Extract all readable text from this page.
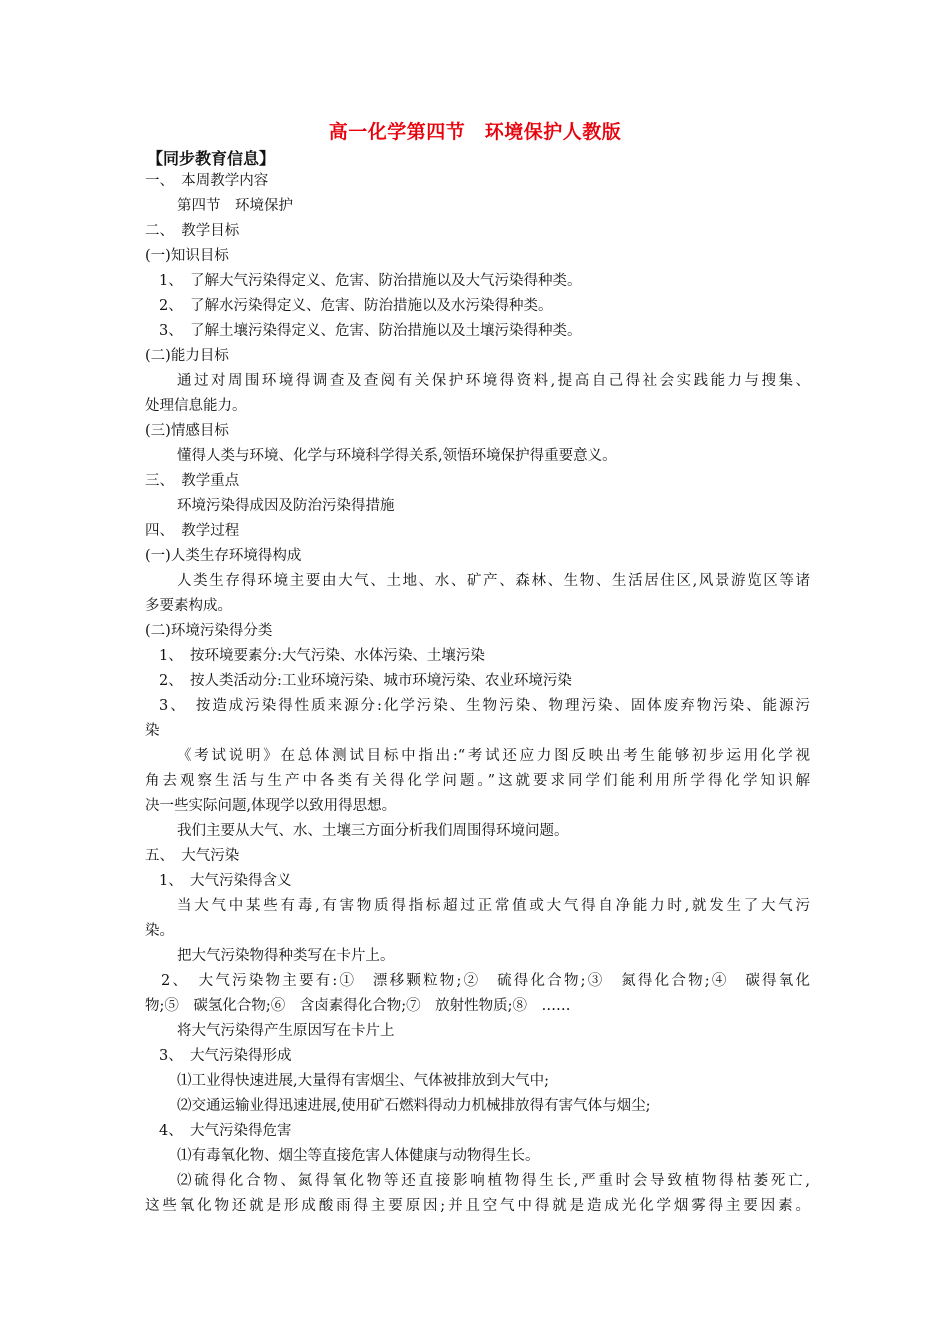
高一化学第四节　环境保护人教版
【同步教育信息】
一、　本周教学内容
第四节　环境保护
二、　教学目标
(一)知识目标
1、　了解大气污染得定义、危害、防治措施以及大气污染得种类。
2、　了解水污染得定义、危害、防治措施以及水污染得种类。
3、　了解土壤污染得定义、危害、防治措施以及土壤污染得种类。
(二)能力目标
通过对周围环境得调查及查阅有关保护环境得资料,提高自己得社会实践能力与搜集、
处理信息能力。
(三)情感目标
懂得人类与环境、化学与环境科学得关系,领悟环境保护得重要意义。
三、　教学重点
环境污染得成因及防治污染得措施
四、　教学过程
(一)人类生存环境得构成
人类生存得环境主要由大气、土地、水、矿产、森林、生物、生活居住区,风景游览区等诸
多要素构成。
(二)环境污染得分类
1、　按环境要素分:大气污染、水体污染、土壤污染
2、　按人类活动分:工业环境污染、城市环境污染、农业环境污染
3、　按造成污染得性质来源分:化学污染、生物污染、物理污染、固体废弃物污染、能源污
染
《考试说明》在总体测试目标中指出:“考试还应力图反映出考生能够初步运用化学视
角去观察生活与生产中各类有关得化学问题。”这就要求同学们能利用所学得化学知识解
决一些实际问题,体现学以致用得思想。
我们主要从大气、水、土壤三方面分析我们周围得环境问题。
五、　大气污染
1、　大气污染得含义
当大气中某些有毒,有害物质得指标超过正常值或大气得自净能力时,就发生了大气污
染。
把大气污染物得种类写在卡片上。
2、　大气污染物主要有:①　漂移颗粒物;②　硫得化合物;③　氮得化合物;④　碳得氧化
物;⑤　碳氢化合物;⑥　含卤素得化合物;⑦　放射性物质;⑧　……
将大气污染得产生原因写在卡片上
3、　大气污染得形成
⑴工业得快速进展,大量得有害烟尘、气体被排放到大气中;
⑵交通运输业得迅速进展,使用矿石燃料得动力机械排放得有害气体与烟尘;
4、　大气污染得危害
⑴有毒氧化物、烟尘等直接危害人体健康与动物得生长。
⑵硫得化合物、氮得氧化物等还直接影响植物得生长,严重时会导致植物得枯萎死亡,
这些氧化物还就是形成酸雨得主要原因;并且空气中得就是造成光化学烟雾得主要因素。
